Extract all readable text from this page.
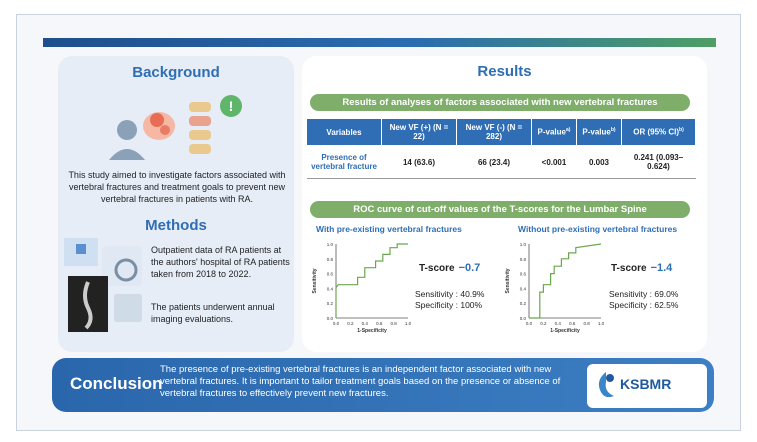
Background
!
This study aimed to investigate factors associated with vertebral fractures and treatment goals to prevent new vertebral fractures in patients with RA.
Methods
Outpatient data of RA patients at the authors' hospital of RA patients taken from 2018 to 2022.
The patients underwent annual imaging evaluations.
Results
Results of analyses of factors associated with new vertebral fractures
Variables	New VF (+) (N = 22)	New VF (-) (N = 282)	P-value$^{a)}$	P-value$^{b)}$	OR (95% CI)$^{b)}$
Presence of vertebral fracture	14 (63.6)	66 (23.4)	<0.001	0.003	0.241 (0.093–0.624)
ROC curve of cut-off values of the T-scores for the Lumbar Spine
With pre-existing vertebral fractures	Without pre-existing vertebral fractures
0.0
0.0
0.2
0.2
0.4
0.4
0.6
0.6
0.8
0.8
1.0
1.0
1-Specificity
Sensitivity
0.0
0.0
0.2
0.2
0.4
0.4
0.6
0.6
0.8
0.8
1.0
1.0
1-Specificity
Sensitivity
T-score −0.7	T-score −1.4
Sensitivity : 40.9%
Specificity : 100%
Sensitivity : 69.0%
Specificity : 62.5%
Conclusion
The presence of pre-existing vertebral fractures is an independent factor associated with new vertebral fractures. It is important to tailor treatment goals based on the presence or absence of vertebral fractures to effectively prevent new fractures.
KSBMR
